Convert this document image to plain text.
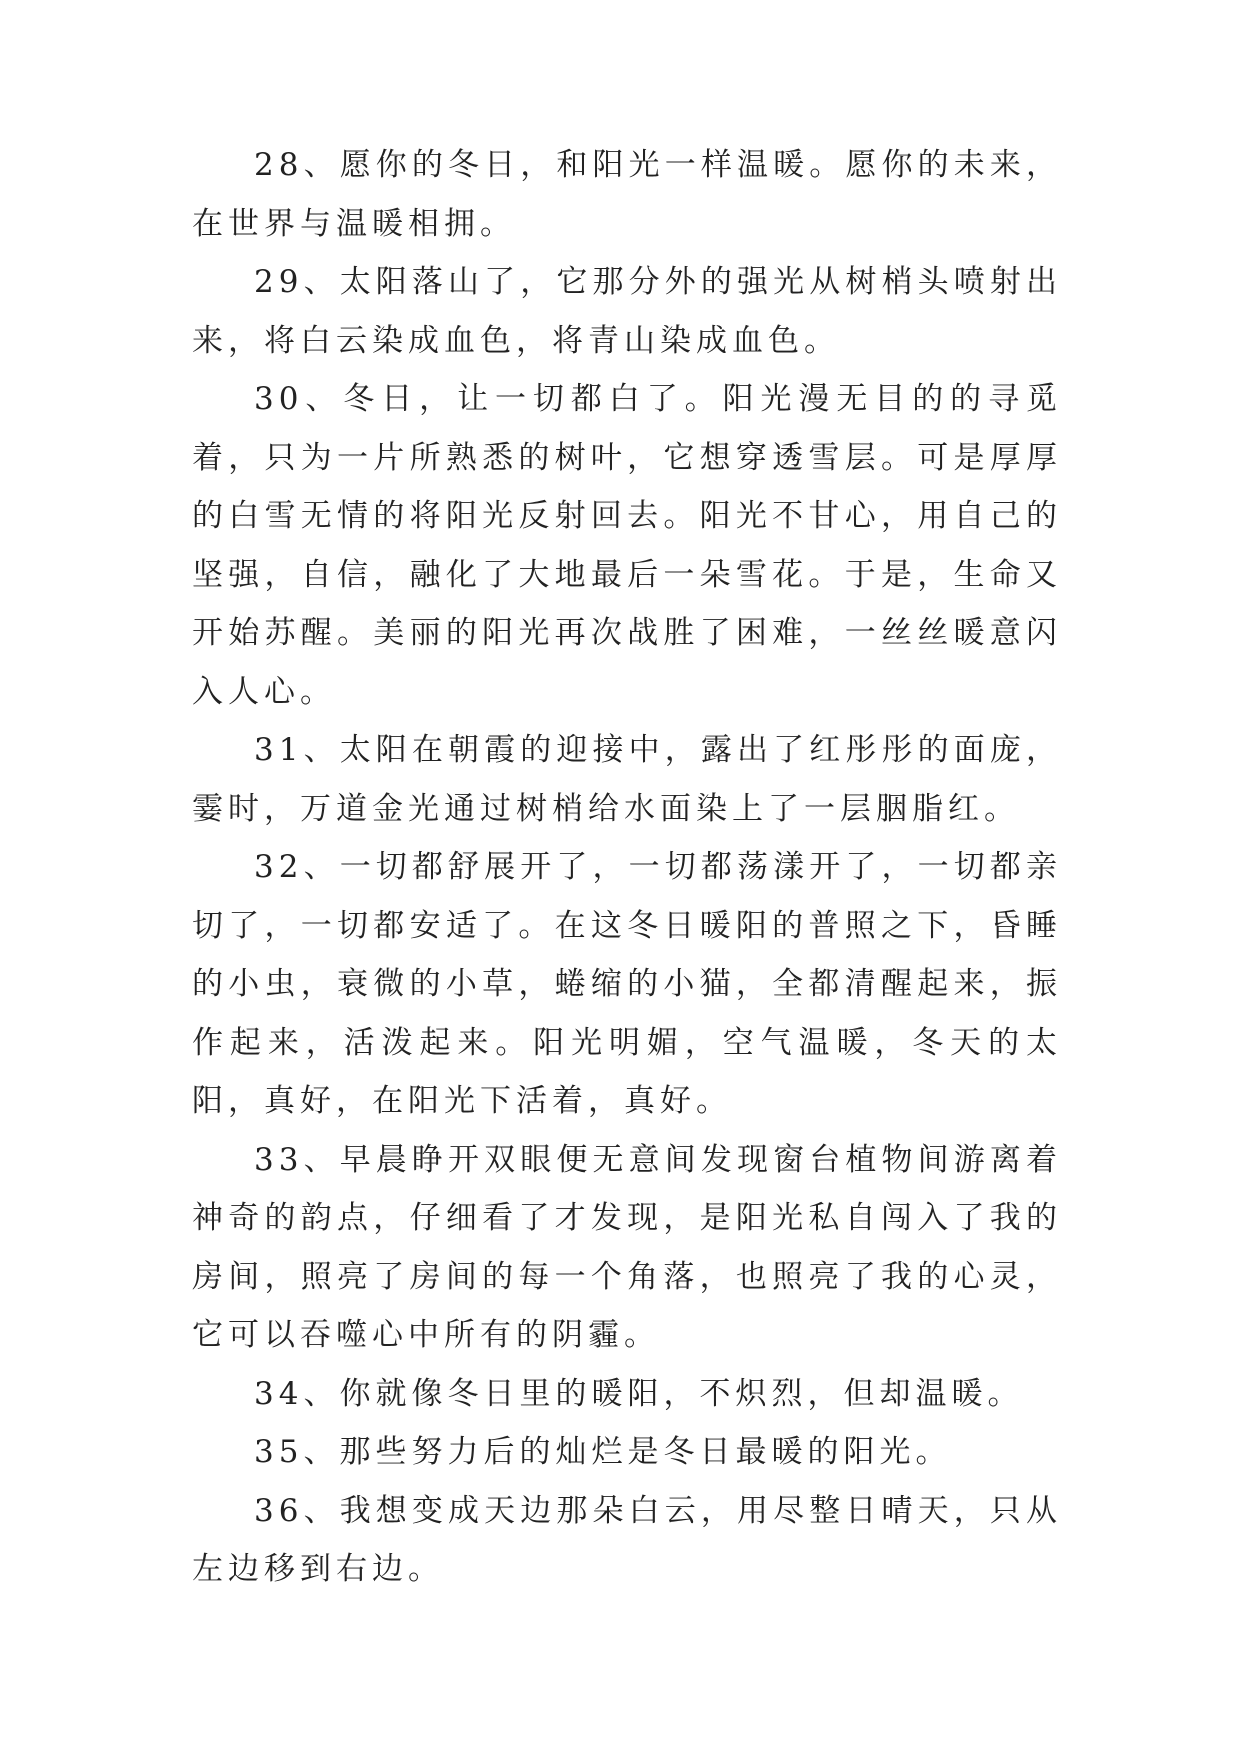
28、愿你的冬日，和阳光一样温暖。愿你的未来，在世界与温暖相拥。

29、太阳落山了，它那分外的强光从树梢头喷射出来，将白云染成血色，将青山染成血色。

30、冬日，让一切都白了。阳光漫无目的的寻觅着，只为一片所熟悉的树叶，它想穿透雪层。可是厚厚的白雪无情的将阳光反射回去。阳光不甘心，用自己的坚强，自信，融化了大地最后一朵雪花。于是，生命又开始苏醒。美丽的阳光再次战胜了困难，一丝丝暖意闪入人心。

31、太阳在朝霞的迎接中，露出了红彤彤的面庞，霎时，万道金光通过树梢给水面染上了一层胭脂红。

32、一切都舒展开了，一切都荡漾开了，一切都亲切了，一切都安适了。在这冬日暖阳的普照之下，昏睡的小虫，衰微的小草，蜷缩的小猫，全都清醒起来，振作起来，活泼起来。阳光明媚，空气温暖，冬天的太阳，真好，在阳光下活着，真好。

33、早晨睁开双眼便无意间发现窗台植物间游离着神奇的韵点，仔细看了才发现，是阳光私自闯入了我的房间，照亮了房间的每一个角落，也照亮了我的心灵，它可以吞噬心中所有的阴霾。

34、你就像冬日里的暖阳，不炽烈，但却温暖。

35、那些努力后的灿烂是冬日最暖的阳光。

36、我想变成天边那朵白云，用尽整日晴天，只从左边移到右边。
